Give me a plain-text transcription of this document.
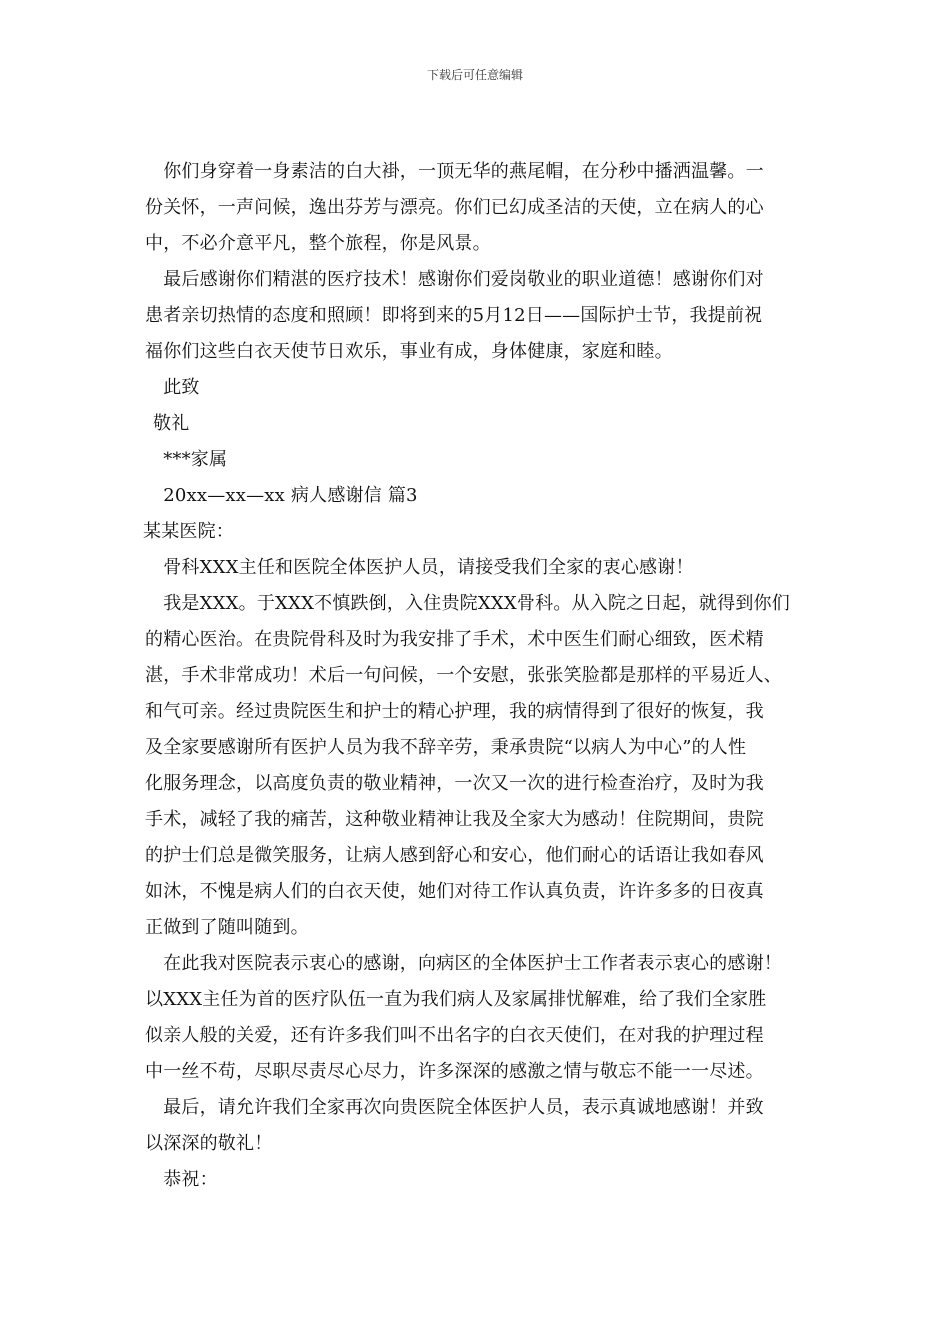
下载后可任意编辑
　你们身穿着一身素洁的白大褂，一顶无华的燕尾帽，在分秒中播洒温馨。一
份关怀，一声问候，逸出芬芳与漂亮。你们已幻成圣洁的天使，立在病人的心
中，不必介意平凡，整个旅程，你是风景。
　最后感谢你们精湛的医疗技术！感谢你们爱岗敬业的职业道德！感谢你们对
患者亲切热情的态度和照顾！即将到来的5月12日——国际护士节，我提前祝
福你们这些白衣天使节日欢乐，事业有成，身体健康，家庭和睦。
　此致
敬礼
　***家属
　20xx—xx—xx 病人感谢信 篇3
某某医院：
　骨科XXX主任和医院全体医护人员，请接受我们全家的衷心感谢！
　我是XXX。于XXX不慎跌倒，入住贵院XXX骨科。从入院之日起，就得到你们
的精心医治。在贵院骨科及时为我安排了手术，术中医生们耐心细致，医术精
湛，手术非常成功！术后一句问候，一个安慰，张张笑脸都是那样的平易近人、
和气可亲。经过贵院医生和护士的精心护理，我的病情得到了很好的恢复，我
及全家要感谢所有医护人员为我不辞辛劳，秉承贵院“以病人为中心”的人性
化服务理念，以高度负责的敬业精神，一次又一次的进行检查治疗，及时为我
手术，减轻了我的痛苦，这种敬业精神让我及全家大为感动！住院期间，贵院
的护士们总是微笑服务，让病人感到舒心和安心，他们耐心的话语让我如春风
如沐，不愧是病人们的白衣天使，她们对待工作认真负责，许许多多的日夜真
正做到了随叫随到。
　在此我对医院表示衷心的感谢，向病区的全体医护士工作者表示衷心的感谢！
以XXX主任为首的医疗队伍一直为我们病人及家属排忧解难，给了我们全家胜
似亲人般的关爱，还有许多我们叫不出名字的白衣天使们，在对我的护理过程
中一丝不苟，尽职尽责尽心尽力，许多深深的感激之情与敬忘不能一一尽述。
　最后，请允许我们全家再次向贵医院全体医护人员，表示真诚地感谢！并致
以深深的敬礼！
　恭祝：
